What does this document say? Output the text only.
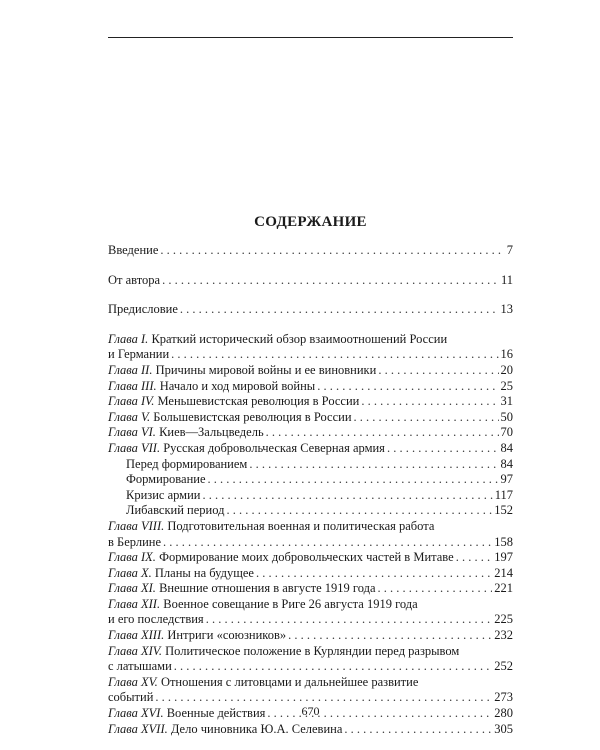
СОДЕРЖАНИЕ
Введение . . .	7
От автора . . .	11
Предисловие . . .	13
Глава I. Краткий исторический обзор взаимоотношений России
и Германии . . .	16
Глава II. Причины мировой войны и ее виновники . . .	20
Глава III. Начало и ход мировой войны . . .	25
Глава IV. Меньшевистская революция в России . . .	31
Глава V. Большевистская революция в России . . .	50
Глава VI. Киев—Зальцведель . . .	70
Глава VII. Русская добровольческая Северная армия . . .	84
Перед формированием . . .	84
Формирование . . .	97
Кризис армии . . .	117
Либавский период . . .	152
Глава VIII. Подготовительная военная и политическая работа
в Берлине . . .	158
Глава IX. Формирование моих добровольческих частей в Митаве . . .	197
Глава X. Планы на будущее . . .	214
Глава XI. Внешние отношения в августе 1919 года . . .	221
Глава XII. Военное совещание в Риге 26 августа 1919 года
и его последствия . . .	225
Глава XIII. Интриги «союзников» . . .	232
Глава XIV. Политическое положение в Курляндии перед разрывом
с латышами . . .	252
Глава XV. Отношения с литовцами и дальнейшее развитие
событий . . .	273
Глава XVI. Военные действия . . .	280
Глава XVII. Дело чиновника Ю.А. Селевина . . .	305
670
